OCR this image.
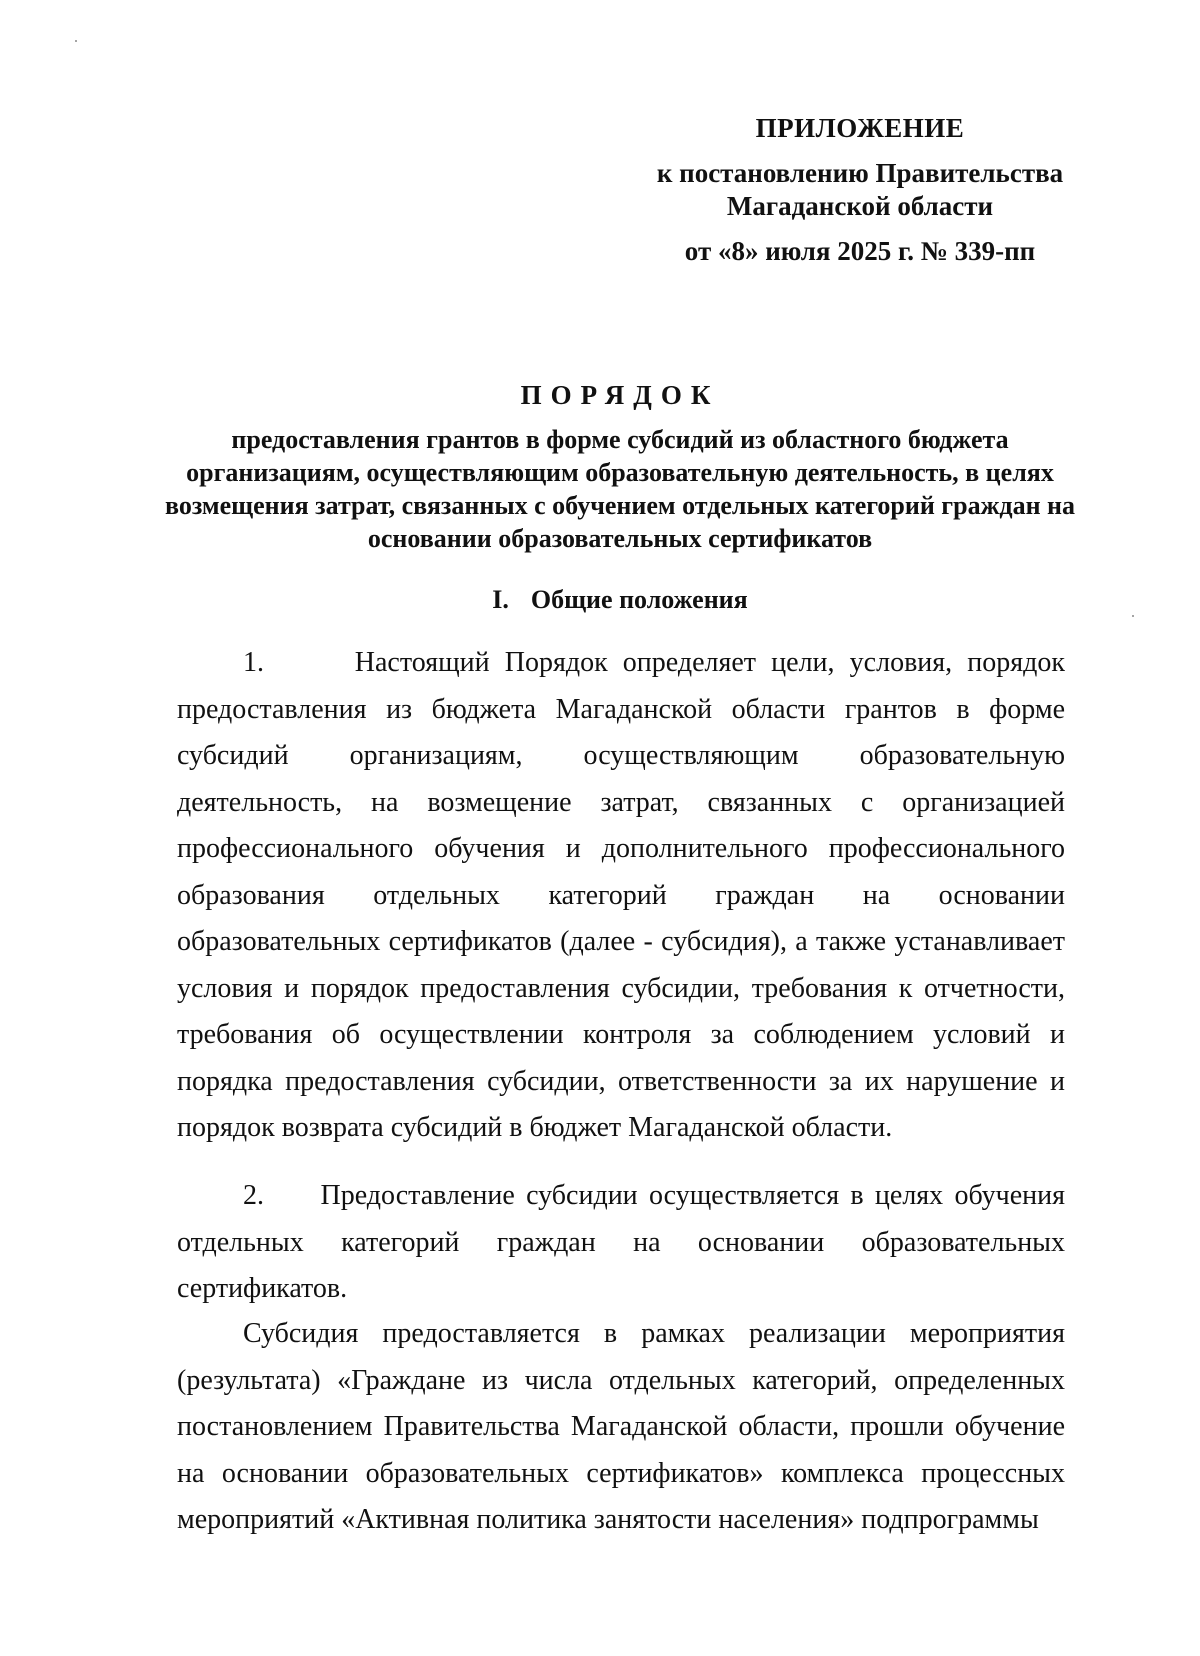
ПРИЛОЖЕНИЕ
к постановлению Правительства
Магаданской области
от «8» июля 2025 г. № 339-пп
ПОРЯДОК
предоставления грантов в форме субсидий из областного бюджета организациям, осуществляющим образовательную деятельность, в целях возмещения затрат, связанных с обучением отдельных категорий граждан на основании образовательных сертификатов
I. Общие положения

1.	Настоящий Порядок определяет цели, условия, порядок предоставления из бюджета Магаданской области грантов в форме субсидий организациям, осуществляющим образовательную деятельность, на возмещение затрат, связанных с организацией профессионального обучения и дополнительного профессионального образования отдельных категорий граждан на основании образовательных сертификатов (далее - субсидия), а также устанавливает условия и порядок предоставления субсидии, требования к отчетности, требования об осуществлении контроля за соблюдением условий и порядка предоставления субсидии, ответственности за их нарушение и порядок возврата субсидий в бюджет Магаданской области.

2. Предоставление субсидии осуществляется в целях обучения отдельных категорий граждан на основании образовательных сертификатов.

Субсидия предоставляется в рамках реализации мероприятия (результата) «Граждане из числа отдельных категорий, определенных постановлением Правительства Магаданской области, прошли обучение на основании образовательных сертификатов» комплекса процессных мероприятий «Активная политика занятости населения» подпрограммы
